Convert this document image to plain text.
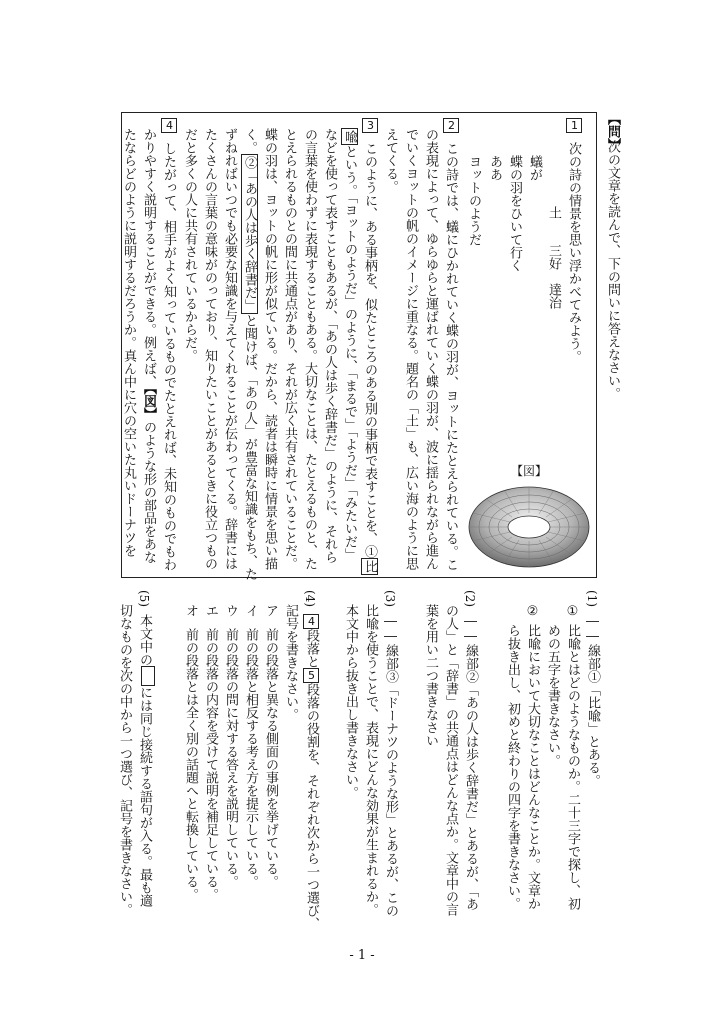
【問】
次の文章を読んで、下の問いに答えなさい。
1
次の詩の情景を思い浮かべてみよう。
土
三好　達治
蟻が
蝶の羽をひいて行く
ああ
ヨットのようだ
2
この詩では、蟻にひかれていく蝶の羽が、ヨットにたとえられている。こ
の表現によって、ゆらゆらと運ばれていく蝶の羽が、波に揺られながら進ん
でいくヨットの帆のイメージに重なる。題名の「土」も、広い海のように思
えてくる。
3
このように、ある事柄を、似たところのある別の事柄で表すことを、①比
喩という。「ヨットのようだ」のように、「まるで」「ようだ」「みたいだ」
などを使って表すこともあるが、「あの人は歩く辞書だ」のように、それら
の言葉を使わずに表現することもある。大切なことは、たとえるものと、た
とえられるものとの間に共通点があり、それが広く共有されていることだ。
蝶の羽は、ヨットの帆に形が似ている。だから、読者は瞬時に情景を思い描
く。②「あの人は歩く辞書だ」と聞けば、「あの人」が豊富な知識をもち、た
ずねればいつでも必要な知識を与えてくれることが伝わってくる。辞書には
たくさんの言葉の意味がのっており、知りたいことがあるときに役立つもの
だと多くの人に共有されているからだ。
4
したがって、相手がよく知っているものでたとえれば、未知のものでもわ
かりやすく説明することができる。例えば、【図】のような形の部品をあな
たならどのように説明するだろうか。真ん中に穴の空いた丸いドーナツを	【図】
(1)
――線部①「比喩」とある。
①
比喩とはどのようなものか。二十三字で探し、初
めの五字を書きなさい。
②
比喩において大切なことはどんなことか。文章か
ら抜き出し、初めと終わりの四字を書きなさい。
(2)
――線部②「あの人は歩く辞書だ」とあるが、「あ
の人」と「辞書」の共通点はどんな点か。文章中の言
葉を用い二つ書きなさい
(3)
――線部③「ドーナツのような形」とあるが、この
比喩を使うことで、表現にどんな効果が生まれるか。
本文中から抜き出し書きなさい。
(4)
4段落と5段落の役割を、それぞれ次から一つ選び、
記号を書きなさい。
ア
前の段落と異なる側面の事例を挙げている。
イ
前の段落と相反する考え方を提示している。
ウ
前の段落の問に対する答えを説明している。
エ
前の段落の内容を受けて説明を補足している。
オ
前の段落とは全く別の話題へと転換している。
(5)
本文中のには同じ接続する語句が入る。最も適
切なものを次の中から一つ選び、記号を書きなさい。
- 1 -
